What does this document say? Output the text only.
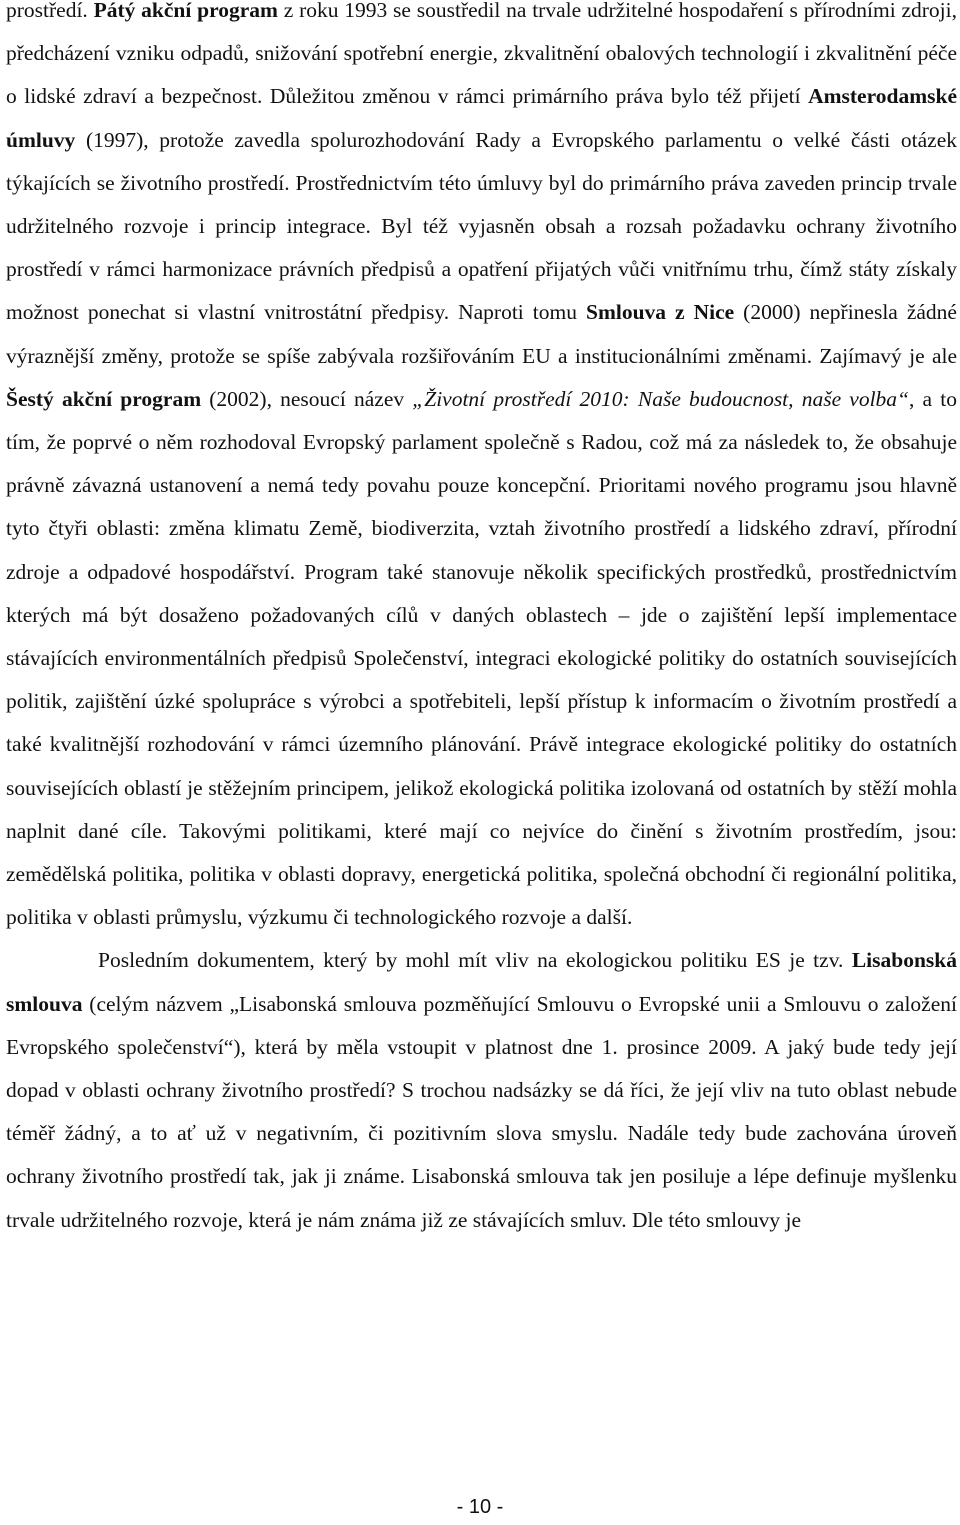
prostředí. Pátý akční program z roku 1993 se soustředil na trvale udržitelné hospodaření s přírodními zdroji, předcházení vzniku odpadů, snižování spotřební energie, zkvalitnění obalových technologií i zkvalitnění péče o lidské zdraví a bezpečnost. Důležitou změnou v rámci primárního práva bylo též přijetí Amsterodamské úmluvy (1997), protože zavedla spolurozhodování Rady a Evropského parlamentu o velké části otázek týkajících se životního prostředí. Prostřednictvím této úmluvy byl do primárního práva zaveden princip trvale udržitelného rozvoje i princip integrace. Byl též vyjasněn obsah a rozsah požadavku ochrany životního prostředí v rámci harmonizace právních předpisů a opatření přijatých vůči vnitřnímu trhu, čímž státy získaly možnost ponechat si vlastní vnitrostátní předpisy. Naproti tomu Smlouva z Nice (2000) nepřinesla žádné výraznější změny, protože se spíše zabývala rozšiřováním EU a institucionálními změnami. Zajímavý je ale Šestý akční program (2002), nesoucí název „Životní prostředí 2010: Naše budoucnost, naše volba“, a to tím, že poprvé o něm rozhodoval Evropský parlament společně s Radou, což má za následek to, že obsahuje právně závazná ustanovení a nemá tedy povahu pouze koncepční. Prioritami nového programu jsou hlavně tyto čtyři oblasti: změna klimatu Země, biodiverzita, vztah životního prostředí a lidského zdraví, přírodní zdroje a odpadové hospodářství. Program také stanovuje několik specifických prostředků, prostřednictvím kterých má být dosaženo požadovaných cílů v daných oblastech – jde o zajištění lepší implementace stávajících environmentálních předpisů Společenství, integraci ekologické politiky do ostatních souvisejících politik, zajištění úzké spolupráce s výrobci a spotřebiteli, lepší přístup k informacím o životním prostředí a také kvalitnější rozhodování v rámci územního plánování. Právě integrace ekologické politiky do ostatních souvisejících oblastí je stěžejním principem, jelikož ekologická politika izolovaná od ostatních by stěží mohla naplnit dané cíle. Takovými politikami, které mají co nejvíce do činění s životním prostředím, jsou: zemědělská politika, politika v oblasti dopravy, energetická politika, společná obchodní či regionální politika, politika v oblasti průmyslu, výzkumu či technologického rozvoje a další.

Posledním dokumentem, který by mohl mít vliv na ekologickou politiku ES je tzv. Lisabonská smlouva (celým názvem „Lisabonská smlouva pozměňující Smlouvu o Evropské unii a Smlouvu o založení Evropského společenství“), která by měla vstoupit v platnost dne 1. prosince 2009. A jaký bude tedy její dopad v oblasti ochrany životního prostředí? S trochou nadsázky se dá říci, že její vliv na tuto oblast nebude téměř žádný, a to ať už v negativním, či pozitivním slova smyslu. Nadále tedy bude zachována úroveň ochrany životního prostředí tak, jak ji známe. Lisabonská smlouva tak jen posiluje a lépe definuje myšlenku trvale udržitelného rozvoje, která je nám známa již ze stávajících smluv. Dle této smlouvy je

- 10 -
